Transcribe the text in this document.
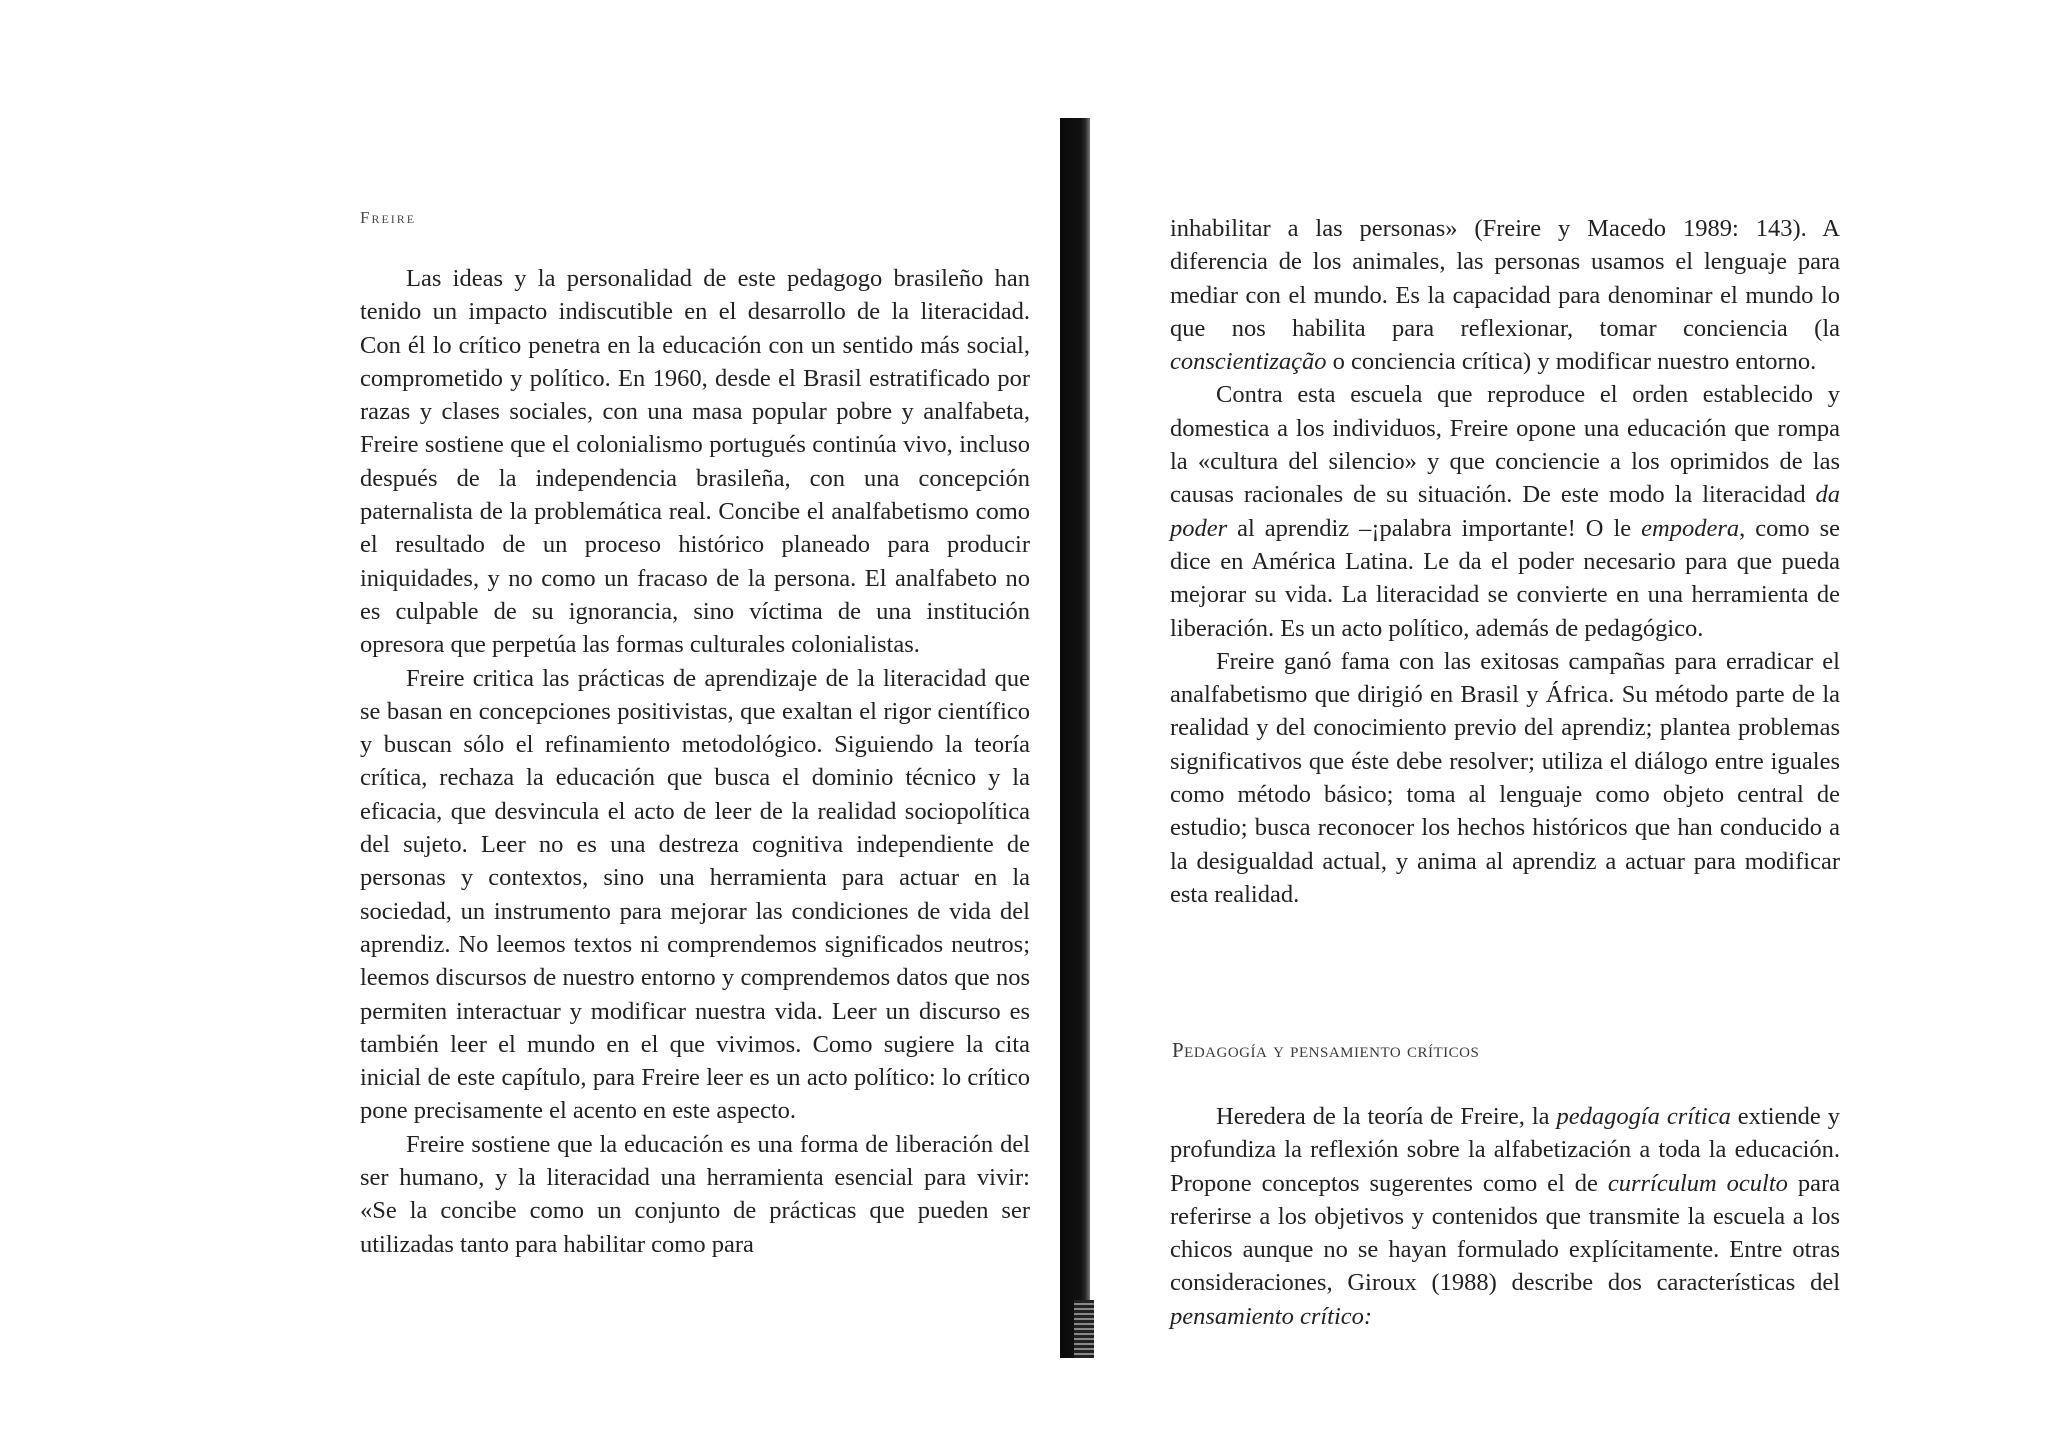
Freire

Las ideas y la personalidad de este pedagogo brasileño han tenido un impacto indiscutible en el desarrollo de la literacidad. Con él lo crítico penetra en la educación con un sentido más social, comprometido y político. En 1960, desde el Brasil estratificado por razas y clases sociales, con una masa popular pobre y analfabeta, Freire sostiene que el colonialismo portugués continúa vivo, incluso después de la independencia brasileña, con una concepción paternalista de la problemática real. Concibe el analfabetismo como el resultado de un proceso histórico planeado para producir iniquidades, y no como un fracaso de la persona. El analfabeto no es culpable de su ignorancia, sino víctima de una institución opresora que perpetúa las formas culturales colonialistas.

Freire critica las prácticas de aprendizaje de la literacidad que se basan en concepciones positivistas, que exaltan el rigor científico y buscan sólo el refinamiento metodológico. Siguiendo la teoría crítica, rechaza la educación que busca el dominio técnico y la eficacia, que desvincula el acto de leer de la realidad sociopolítica del sujeto. Leer no es una destreza cognitiva independiente de personas y contextos, sino una herramienta para actuar en la sociedad, un instrumento para mejorar las condiciones de vida del aprendiz. No leemos textos ni comprendemos significados neutros; leemos discursos de nuestro entorno y comprendemos datos que nos permiten interactuar y modificar nuestra vida. Leer un discurso es también leer el mundo en el que vivimos. Como sugiere la cita inicial de este capítulo, para Freire leer es un acto político: lo crítico pone precisamente el acento en este aspecto.

Freire sostiene que la educación es una forma de liberación del ser humano, y la literacidad una herramienta esencial para vivir: «Se la concibe como un conjunto de prácticas que pueden ser utilizadas tanto para habilitar como para

inhabilitar a las personas» (Freire y Macedo 1989: 143). A diferencia de los animales, las personas usamos el lenguaje para mediar con el mundo. Es la capacidad para denominar el mundo lo que nos habilita para reflexionar, tomar conciencia (la conscientização o conciencia crítica) y modificar nuestro entorno.

Contra esta escuela que reproduce el orden establecido y domestica a los individuos, Freire opone una educación que rompa la «cultura del silencio» y que conciencie a los oprimidos de las causas racionales de su situación. De este modo la literacidad da poder al aprendiz –¡palabra importante! O le empodera, como se dice en América Latina. Le da el poder necesario para que pueda mejorar su vida. La literacidad se convierte en una herramienta de liberación. Es un acto político, además de pedagógico.

Freire ganó fama con las exitosas campañas para erradicar el analfabetismo que dirigió en Brasil y África. Su método parte de la realidad y del conocimiento previo del aprendiz; plantea problemas significativos que éste debe resolver; utiliza el diálogo entre iguales como método básico; toma al lenguaje como objeto central de estudio; busca reconocer los hechos históricos que han conducido a la desigualdad actual, y anima al aprendiz a actuar para modificar esta realidad.

Pedagogía y pensamiento críticos

Heredera de la teoría de Freire, la pedagogía crítica extiende y profundiza la reflexión sobre la alfabetización a toda la educación. Propone conceptos sugerentes como el de currículum oculto para referirse a los objetivos y contenidos que transmite la escuela a los chicos aunque no se hayan formulado explícitamente. Entre otras consideraciones, Giroux (1988) describe dos características del pensamiento crítico:
